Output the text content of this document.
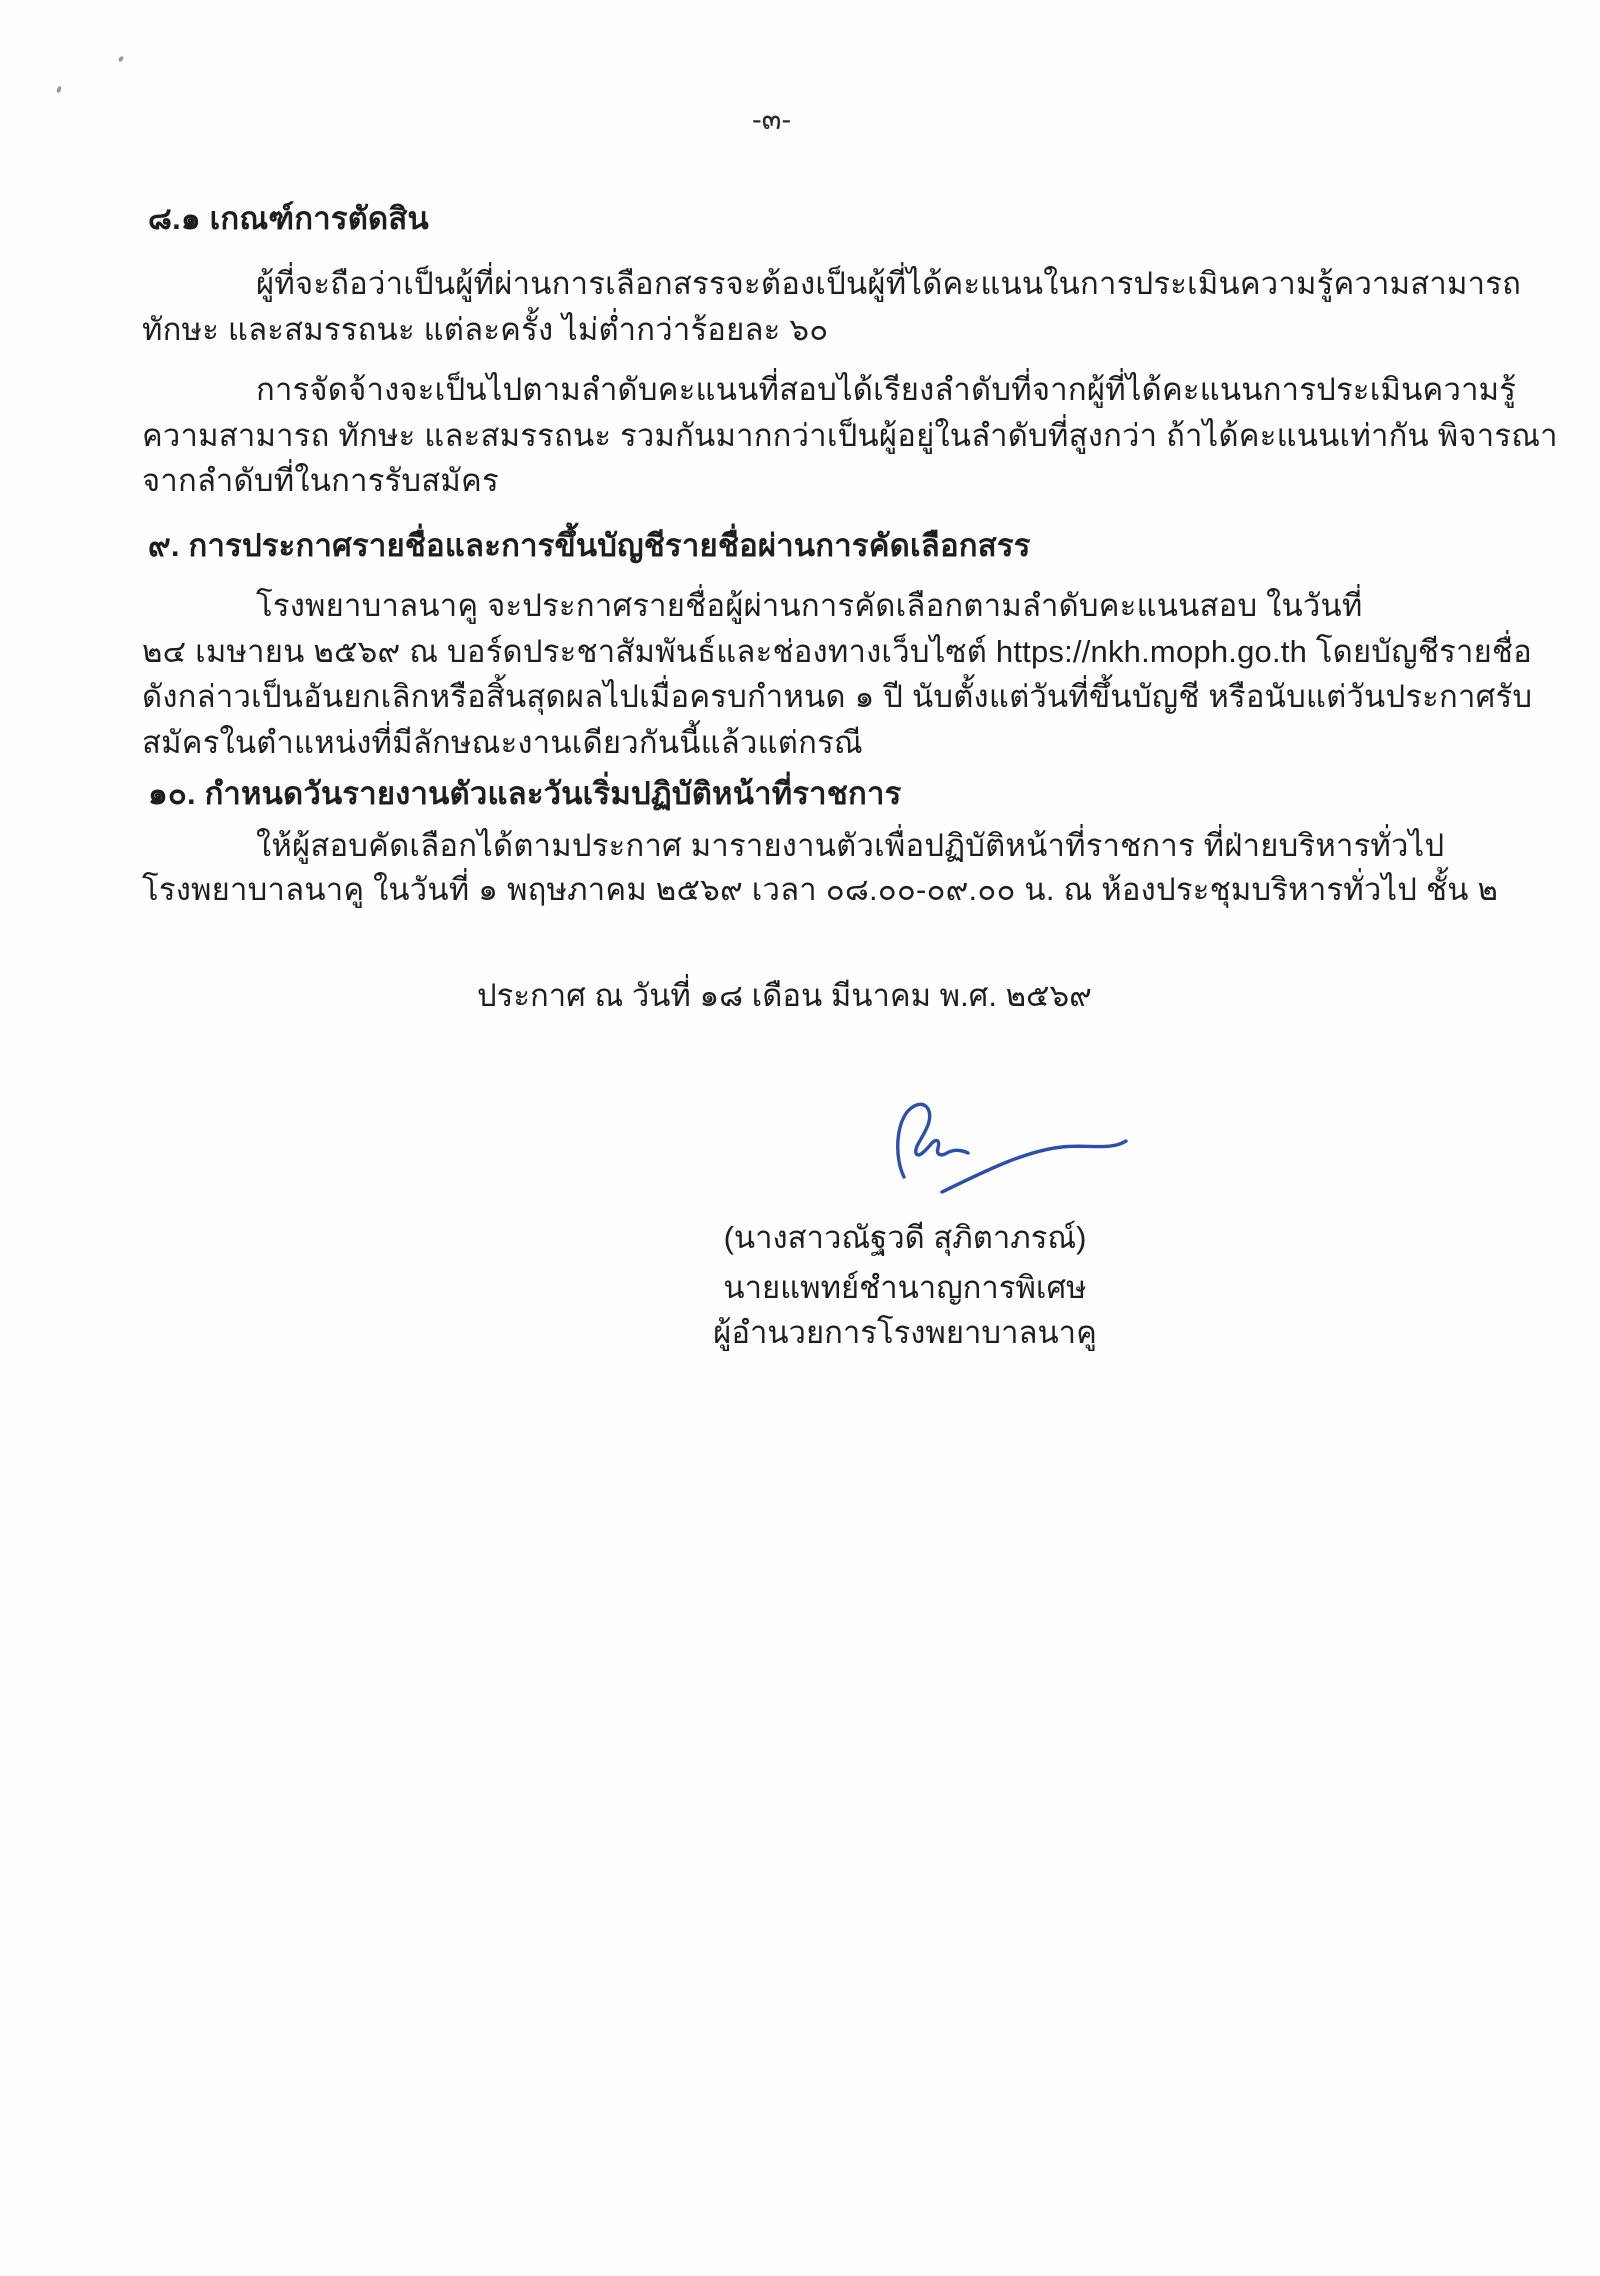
-๓-
๘.๑ เกณฑ์การตัดสิน
ผู้ที่จะถือว่าเป็นผู้ที่ผ่านการเลือกสรรจะต้องเป็นผู้ที่ได้คะแนนในการประเมินความรู้ความสามารถ
ทักษะ และสมรรถนะ แต่ละครั้ง ไม่ต่ำกว่าร้อยละ ๖๐
การจัดจ้างจะเป็นไปตามลำดับคะแนนที่สอบได้เรียงลำดับที่จากผู้ที่ได้คะแนนการประเมินความรู้
ความสามารถ ทักษะ และสมรรถนะ รวมกันมากกว่าเป็นผู้อยู่ในลำดับที่สูงกว่า ถ้าได้คะแนนเท่ากัน พิจารณา
จากลำดับที่ในการรับสมัคร
๙. การประกาศรายชื่อและการขึ้นบัญชีรายชื่อผ่านการคัดเลือกสรร
โรงพยาบาลนาคู จะประกาศรายชื่อผู้ผ่านการคัดเลือกตามลำดับคะแนนสอบ ในวันที่
๒๔ เมษายน ๒๕๖๙ ณ บอร์ดประชาสัมพันธ์และช่องทางเว็บไซต์ https://nkh.moph.go.th โดยบัญชีรายชื่อ
ดังกล่าวเป็นอันยกเลิกหรือสิ้นสุดผลไปเมื่อครบกำหนด ๑ ปี นับตั้งแต่วันที่ขึ้นบัญชี หรือนับแต่วันประกาศรับ
สมัครในตำแหน่งที่มีลักษณะงานเดียวกันนี้แล้วแต่กรณี
๑๐. กำหนดวันรายงานตัวและวันเริ่มปฏิบัติหน้าที่ราชการ
ให้ผู้สอบคัดเลือกได้ตามประกาศ มารายงานตัวเพื่อปฏิบัติหน้าที่ราชการ ที่ฝ่ายบริหารทั่วไป
โรงพยาบาลนาคู ในวันที่ ๑ พฤษภาคม ๒๕๖๙ เวลา ๐๘.๐๐-๐๙.๐๐ น. ณ ห้องประชุมบริหารทั่วไป ชั้น ๒
ประกาศ ณ วันที่ ๑๘ เดือน มีนาคม พ.ศ. ๒๕๖๙
(นางสาวณัฐวดี สุภิตาภรณ์)
นายแพทย์ชำนาญการพิเศษ
ผู้อำนวยการโรงพยาบาลนาคู
